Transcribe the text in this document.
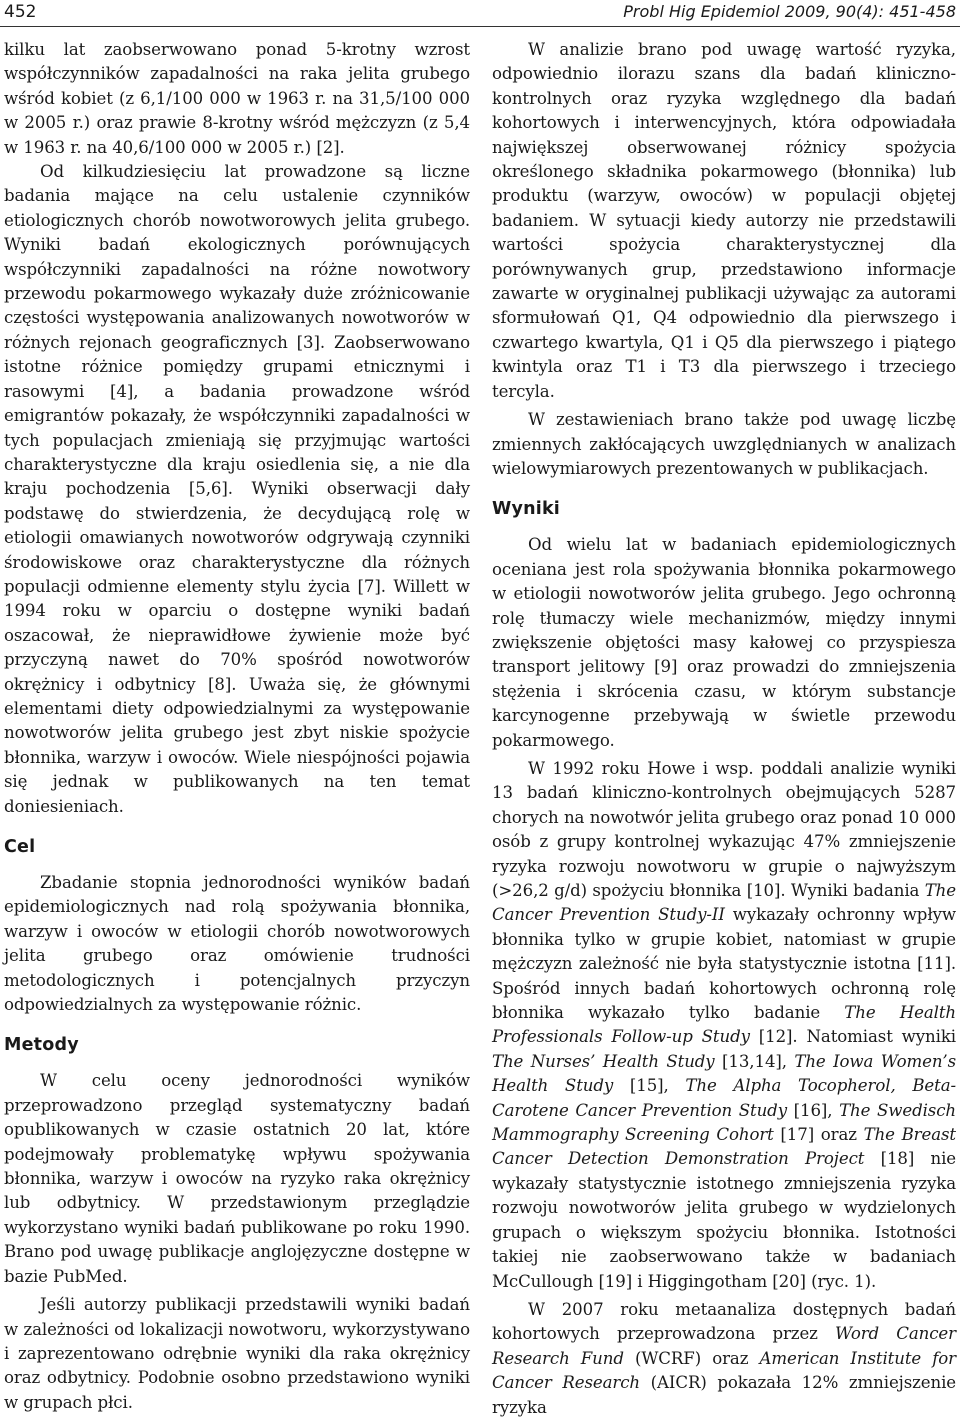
452	Probl Hig Epidemiol 2009, 90(4): 451-458

kilku lat zaobserwowano ponad 5-krotny wzrost współczynników zapadalności na raka jelita grubego wśród kobiet (z 6,1/100 000 w 1963 r. na 31,5/100 000 w 2005 r.) oraz prawie 8-krotny wśród mężczyzn (z 5,4 w 1963 r. na 40,6/100 000 w 2005 r.) [2].

Od kilkudziesięciu lat prowadzone są liczne badania mające na celu ustalenie czynników etiologicznych chorób nowotworowych jelita grubego. Wyniki badań ekologicznych porównujących współczynniki zapadalności na różne nowotwory przewodu pokarmowego wykazały duże zróżnicowanie częstości występowania analizowanych nowotworów w różnych rejonach geograficznych [3]. Zaobserwowano istotne różnice pomiędzy grupami etnicznymi i rasowymi [4], a badania prowadzone wśród emigrantów pokazały, że współczynniki zapadalności w tych populacjach zmieniają się przyjmując wartości charakterystyczne dla kraju osiedlenia się, a nie dla kraju pochodzenia [5,6]. Wyniki obserwacji dały podstawę do stwierdzenia, że decydującą rolę w etiologii omawianych nowotworów odgrywają czynniki środowiskowe oraz charakterystyczne dla różnych populacji odmienne elementy stylu życia [7]. Willett w 1994 roku w oparciu o dostępne wyniki badań oszacował, że nieprawidłowe żywienie może być przyczyną nawet do 70% spośród nowotworów okrężnicy i odbytnicy [8]. Uważa się, że głównymi elementami diety odpowiedzialnymi za występowanie nowotworów jelita grubego jest zbyt niskie spożycie błonnika, warzyw i owoców. Wiele niespójności pojawia się jednak w publikowanych na ten temat doniesieniach.

Cel

Zbadanie stopnia jednorodności wyników badań epidemiologicznych nad rolą spożywania błonnika, warzyw i owoców w etiologii chorób nowotworowych jelita grubego oraz omówienie trudności metodologicznych i potencjalnych przyczyn odpowiedzialnych za występowanie różnic.

Metody

W celu oceny jednorodności wyników przeprowadzono przegląd systematyczny badań opublikowanych w czasie ostatnich 20 lat, które podejmowały problematykę wpływu spożywania błonnika, warzyw i owoców na ryzyko raka okrężnicy lub odbytnicy. W przedstawionym przeglądzie wykorzystano wyniki badań publikowane po roku 1990. Brano pod uwagę publikacje anglojęzyczne dostępne w bazie PubMed.

Jeśli autorzy publikacji przedstawili wyniki badań w zależności od lokalizacji nowotworu, wykorzystywano i zaprezentowano odrębnie wyniki dla raka okrężnicy oraz odbytnicy. Podobnie osobno przedstawiono wyniki w grupach płci.

W analizie brano pod uwagę wartość ryzyka, odpowiednio ilorazu szans dla badań kliniczno-kontrolnych oraz ryzyka względnego dla badań kohortowych i interwencyjnych, która odpowiadała największej obserwowanej różnicy spożycia określonego składnika pokarmowego (błonnika) lub produktu (warzyw, owoców) w populacji objętej badaniem. W sytuacji kiedy autorzy nie przedstawili wartości spożycia charakterystycznej dla porównywanych grup, przedstawiono informacje zawarte w oryginalnej publikacji używając za autorami sformułowań Q1, Q4 odpowiednio dla pierwszego i czwartego kwartyla, Q1 i Q5 dla pierwszego i piątego kwintyla oraz T1 i T3 dla pierwszego i trzeciego tercyla.

W zestawieniach brano także pod uwagę liczbę zmiennych zakłócających uwzględnianych w analizach wielowymiarowych prezentowanych w publikacjach.

Wyniki

Od wielu lat w badaniach epidemiologicznych oceniana jest rola spożywania błonnika pokarmowego w etiologii nowotworów jelita grubego. Jego ochronną rolę tłumaczy wiele mechanizmów, między innymi zwiększenie objętości masy kałowej co przyspiesza transport jelitowy [9] oraz prowadzi do zmniejszenia stężenia i skrócenia czasu, w którym substancje karcynogenne przebywają w świetle przewodu pokarmowego.

W 1992 roku Howe i wsp. poddali analizie wyniki 13 badań kliniczno-kontrolnych obejmujących 5287 chorych na nowotwór jelita grubego oraz ponad 10 000 osób z grupy kontrolnej wykazując 47% zmniejszenie ryzyka rozwoju nowotworu w grupie o najwyższym (>26,2 g/d) spożyciu błonnika [10]. Wyniki badania The Cancer Prevention Study-II wykazały ochronny wpływ błonnika tylko w grupie kobiet, natomiast w grupie mężczyzn zależność nie była statystycznie istotna [11]. Spośród innych badań kohortowych ochronną rolę błonnika wykazało tylko badanie The Health Professionals Follow-up Study [12]. Natomiast wyniki The Nurses’ Health Study [13,14], The Iowa Women’s Health Study [15], The Alpha Tocopherol, Beta-Carotene Cancer Prevention Study [16], The Swedisch Mammography Screening Cohort [17] oraz The Breast Cancer Detection Demonstration Project [18] nie wykazały statystycznie istotnego zmniejszenia ryzyka rozwoju nowotworów jelita grubego w wydzielonych grupach o większym spożyciu błonnika. Istotności takiej nie zaobserwowano także w badaniach McCullough [19] i Higgingotham [20] (ryc. 1).

W 2007 roku metaanaliza dostępnych badań kohortowych przeprowadzona przez Word Cancer Research Fund (WCRF) oraz American Institute for Cancer Research (AICR) pokazała 12% zmniejszenie ryzyka
